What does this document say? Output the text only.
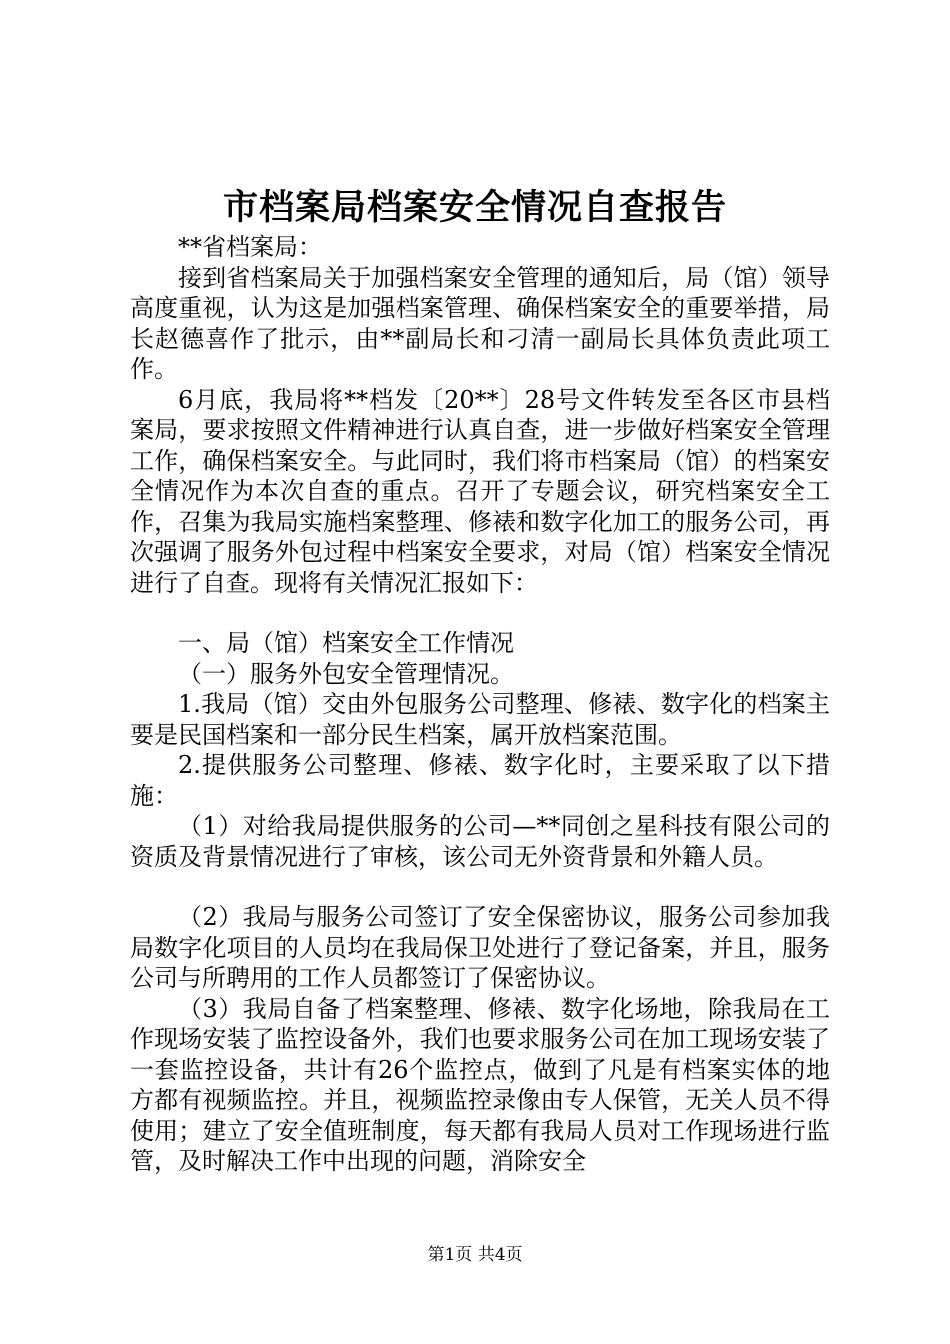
市档案局档案安全情况自查报告

**省档案局：

接到省档案局关于加强档案安全管理的通知后，局（馆）领导高度重视，认为这是加强档案管理、确保档案安全的重要举措，局长赵德喜作了批示，由**副局长和刁清一副局长具体负责此项工作。

6月底，我局将**档发〔20**〕28号文件转发至各区市县档案局，要求按照文件精神进行认真自查，进一步做好档案安全管理工作，确保档案安全。与此同时，我们将市档案局（馆）的档案安全情况作为本次自查的重点。召开了专题会议，研究档案安全工作，召集为我局实施档案整理、修裱和数字化加工的服务公司，再次强调了服务外包过程中档案安全要求，对局（馆）档案安全情况进行了自查。现将有关情况汇报如下：

一、局（馆）档案安全工作情况

（一）服务外包安全管理情况。

1.我局（馆）交由外包服务公司整理、修裱、数字化的档案主要是民国档案和一部分民生档案，属开放档案范围。

2.提供服务公司整理、修裱、数字化时，主要采取了以下措施：

（1）对给我局提供服务的公司—**同创之星科技有限公司的资质及背景情况进行了审核，该公司无外资背景和外籍人员。

（2）我局与服务公司签订了安全保密协议，服务公司参加我局数字化项目的人员均在我局保卫处进行了登记备案，并且，服务公司与所聘用的工作人员都签订了保密协议。

（3）我局自备了档案整理、修裱、数字化场地，除我局在工作现场安装了监控设备外，我们也要求服务公司在加工现场安装了一套监控设备，共计有26个监控点，做到了凡是有档案实体的地方都有视频监控。并且，视频监控录像由专人保管，无关人员不得使用；建立了安全值班制度，每天都有我局人员对工作现场进行监管，及时解决工作中出现的问题，消除安全

第1页 共4页
